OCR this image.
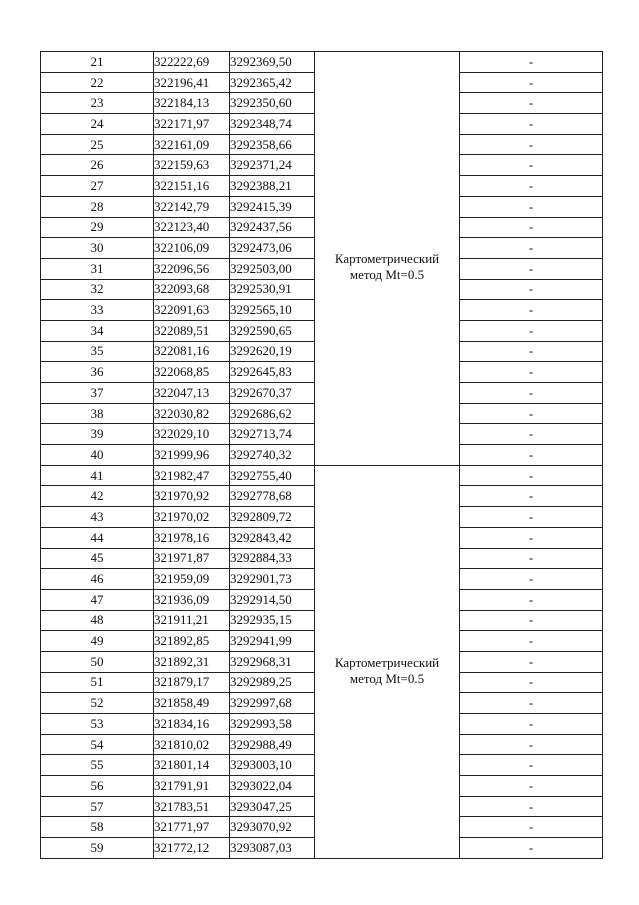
21	322222,69	3292369,50	Картометрический
метод Mt=0.5	-
22	322196,41	3292365,42		-
23	322184,13	3292350,60		-
24	322171,97	3292348,74		-
25	322161,09	3292358,66		-
26	322159,63	3292371,24		-
27	322151,16	3292388,21		-
28	322142,79	3292415,39		-
29	322123,40	3292437,56		-
30	322106,09	3292473,06		-
31	322096,56	3292503,00		-
32	322093,68	3292530,91		-
33	322091,63	3292565,10		-
34	322089,51	3292590,65		-
35	322081,16	3292620,19		-
36	322068,85	3292645,83		-
37	322047,13	3292670,37		-
38	322030,82	3292686,62		-
39	322029,10	3292713,74		-
40	321999,96	3292740,32		-
41	321982,47	3292755,40	Картометрический
метод Mt=0.5	-
42	321970,92	3292778,68		-
43	321970,02	3292809,72		-
44	321978,16	3292843,42		-
45	321971,87	3292884,33		-
46	321959,09	3292901,73		-
47	321936,09	3292914,50		-
48	321911,21	3292935,15		-
49	321892,85	3292941,99		-
50	321892,31	3292968,31		-
51	321879,17	3292989,25		-
52	321858,49	3292997,68		-
53	321834,16	3292993,58		-
54	321810,02	3292988,49		-
55	321801,14	3293003,10		-
56	321791,91	3293022,04		-
57	321783,51	3293047,25		-
58	321771,97	3293070,92		-
59	321772,12	3293087,03		-
